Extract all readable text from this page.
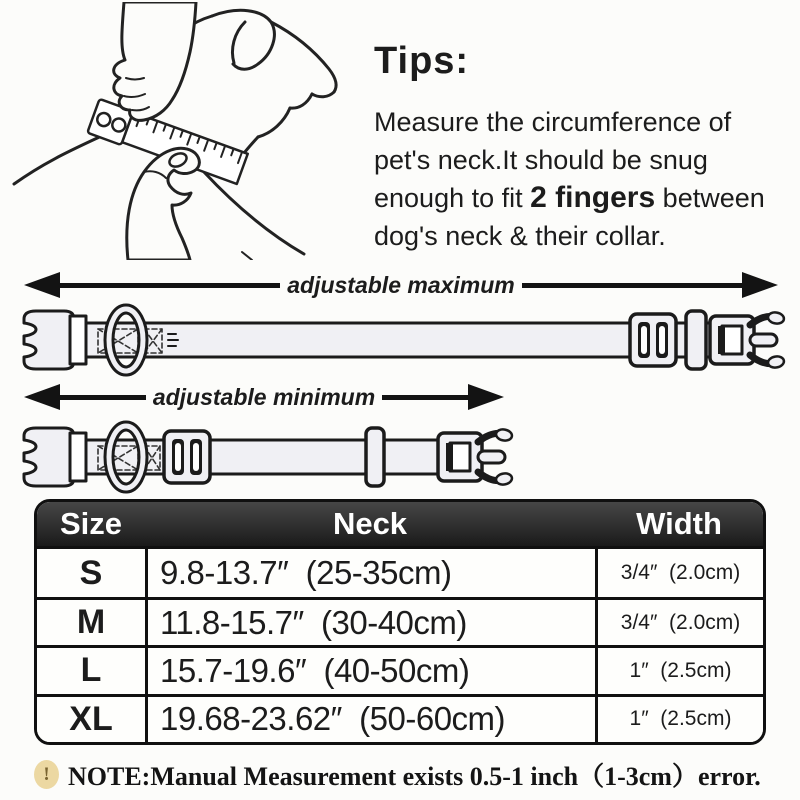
Tips:
Measure the circumference of
pet's neck.It should be snug
enough to fit 2 fingers between
dog's neck & their collar.
adjustable maximum
adjustable minimum
Size	Neck	Width
S	9.8-13.7″  (25-35cm)	3/4″  (2.0cm)
M	11.8-15.7″  (30-40cm)	3/4″  (2.0cm)
L	15.7-19.6″  (40-50cm)	1″  (2.5cm)
XL	19.68-23.62″  (50-60cm)	1″  (2.5cm)
! NOTE:Manual Measurement exists 0.5-1 inch（1-3cm）error.
